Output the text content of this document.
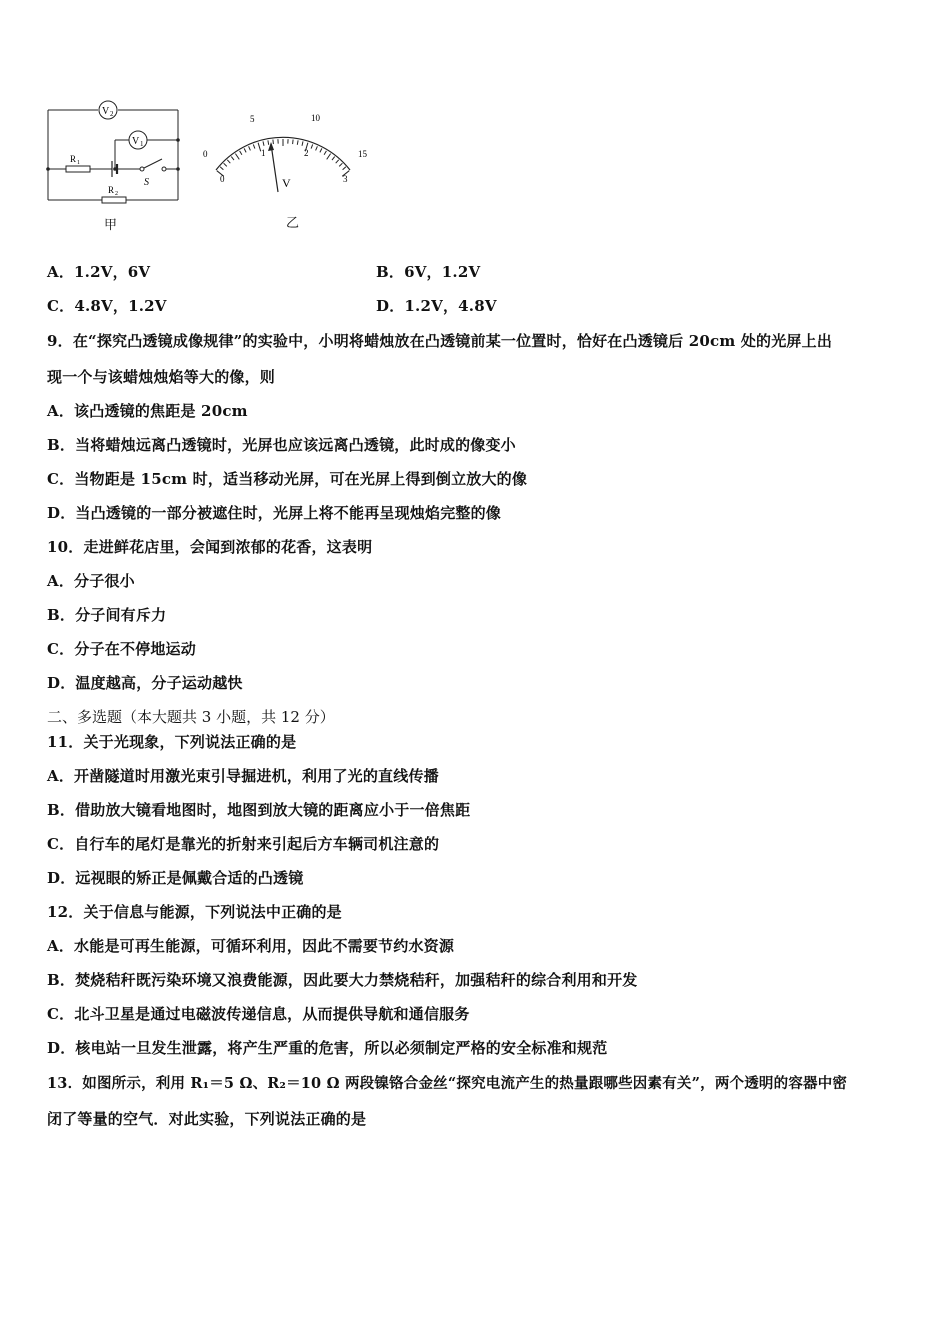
V 2
V 1
R 1
S
R 2
甲
0
5	10
15
0
1	2
3
V
乙
A．1.2V，6V	B．6V，1.2V
C．4.8V，1.2V	D．1.2V，4.8V
9．在“探究凸透镜成像规律”的实验中，小明将蜡烛放在凸透镜前某一位置时，恰好在凸透镜后 20cm 处的光屏上出
现一个与该蜡烛烛焰等大的像，则
A．该凸透镜的焦距是 20cm
B．当将蜡烛远离凸透镜时，光屏也应该远离凸透镜，此时成的像变小
C．当物距是 15cm 时，适当移动光屏，可在光屏上得到倒立放大的像
D．当凸透镜的一部分被遮住时，光屏上将不能再呈现烛焰完整的像
10．走进鲜花店里，会闻到浓郁的花香，这表明
A．分子很小
B．分子间有斥力
C．分子在不停地运动
D．温度越高，分子运动越快
二、多选题（本大题共 3 小题，共 12 分）
11．关于光现象，下列说法正确的是
A．开凿隧道时用激光束引导掘进机，利用了光的直线传播
B．借助放大镜看地图时，地图到放大镜的距离应小于一倍焦距
C．自行车的尾灯是靠光的折射来引起后方车辆司机注意的
D．远视眼的矫正是佩戴合适的凸透镜
12．关于信息与能源，下列说法中正确的是
A．水能是可再生能源，可循环利用，因此不需要节约水资源
B．焚烧秸秆既污染环境又浪费能源，因此要大力禁烧秸秆，加强秸秆的综合利用和开发
C．北斗卫星是通过电磁波传递信息，从而提供导航和通信服务
D．核电站一旦发生泄露，将产生严重的危害，所以必须制定严格的安全标准和规范
13．如图所示，利用 R₁＝5 Ω、R₂＝10 Ω 两段镍铬合金丝“探究电流产生的热量跟哪些因素有关”，两个透明的容器中密
闭了等量的空气．对此实验，下列说法正确的是
